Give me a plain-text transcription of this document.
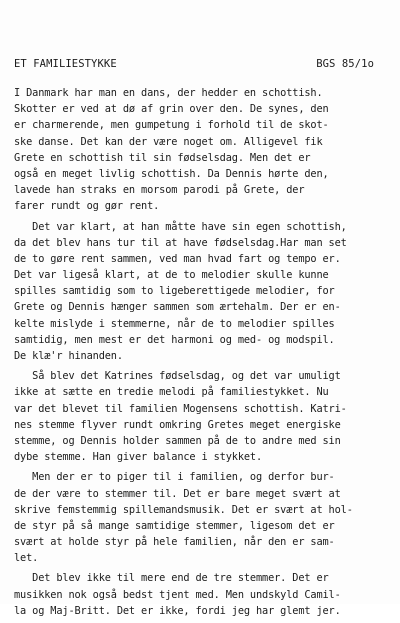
ET FAMILIESTYKKE	BGS 85/1o
I Danmark har man en dans, der hedder en schottish.
Skotter er ved at dø af grin over den. De synes, den
er charmerende, men gumpetung i forhold til de skot-
ske danse. Det kan der være noget om. Alligevel fik
Grete en schottish til sin fødselsdag. Men det er
også en meget livlig schottish. Da Dennis hørte den,
lavede han straks en morsom parodi på Grete, der
farer rundt og gør rent.
Det var klart, at han måtte have sin egen schottish,
da det blev hans tur til at have fødselsdag.Har man set
de to gøre rent sammen, ved man hvad fart og tempo er.
Det var ligeså klart, at de to melodier skulle kunne
spilles samtidig som to ligeberettigede melodier, for
Grete og Dennis hænger sammen som ærtehalm. Der er en-
kelte mislyde i stemmerne, når de to melodier spilles
samtidig, men mest er det harmoni og med- og modspil.
De klæ'r hinanden.
Så blev det Katrines fødselsdag, og det var umuligt
ikke at sætte en tredie melodi på familiestykket. Nu
var det blevet til familien Mogensens schottish. Katri-
nes stemme flyver rundt omkring Gretes meget energiske
stemme, og Dennis holder sammen på de to andre med sin
dybe stemme. Han giver balance i stykket.
Men der er to piger til i familien, og derfor bur-
de der være to stemmer til. Det er bare meget svært at
skrive femstemmig spillemandsmusik. Det er svært at hol-
de styr på så mange samtidige stemmer, ligesom det er
svært at holde styr på hele familien, når den er sam-
let.
Det blev ikke til mere end de tre stemmer. Det er
musikken nok også bedst tjent med. Men undskyld Camil-
la og Maj-Britt. Det er ikke, fordi jeg har glemt jer.
